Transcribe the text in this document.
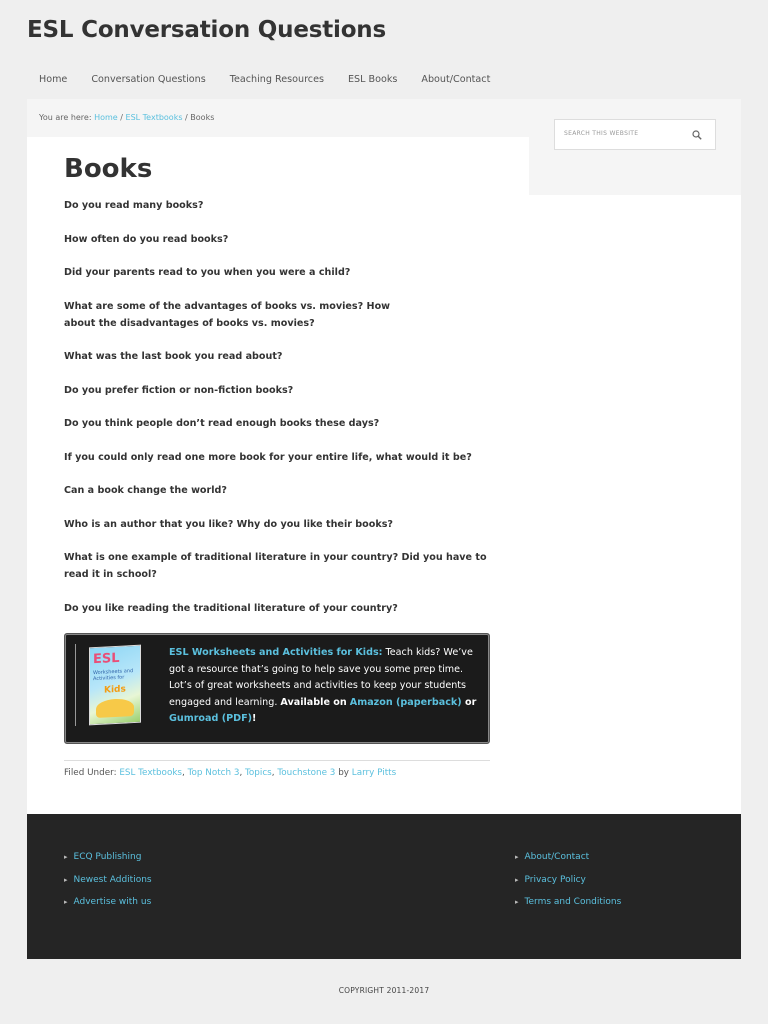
ESL Conversation Questions
Home	Conversation Questions	Teaching Resources	ESL Books	About/Contact
You are here: Home / ESL Textbooks / Books
Books

Do you read many books?

How often do you read books?

Did your parents read to you when you were a child?

What are some of the advantages of books vs. movies? How about the disadvantages of books vs. movies?

What was the last book you read about?

Do you prefer fiction or non-fiction books?

Do you think people don’t read enough books these days?

If you could only read one more book for your entire life, what would it be?

Can a book change the world?

Who is an author that you like? Why do you like their books?

What is one example of traditional literature in your country? Did you have to read it in school?

Do you like reading the traditional literature of your country?

ESL
Worksheets and Activities for
Kids
ESL Worksheets and Activities for Kids: Teach kids? We’ve got a resource that’s going to help save you some prep time. Lot’s of great worksheets and activities to keep your students engaged and learning. Available on Amazon (paperback) or Gumroad (PDF)!
Filed Under: ESL Textbooks, Top Notch 3, Topics, Touchstone 3 by Larry Pitts
SEARCH THIS WEBSITE
▸ ECQ Publishing
▸ Newest Additions
▸ Advertise with us
▸ About/Contact
▸ Privacy Policy
▸ Terms and Conditions
COPYRIGHT 2011-2017
